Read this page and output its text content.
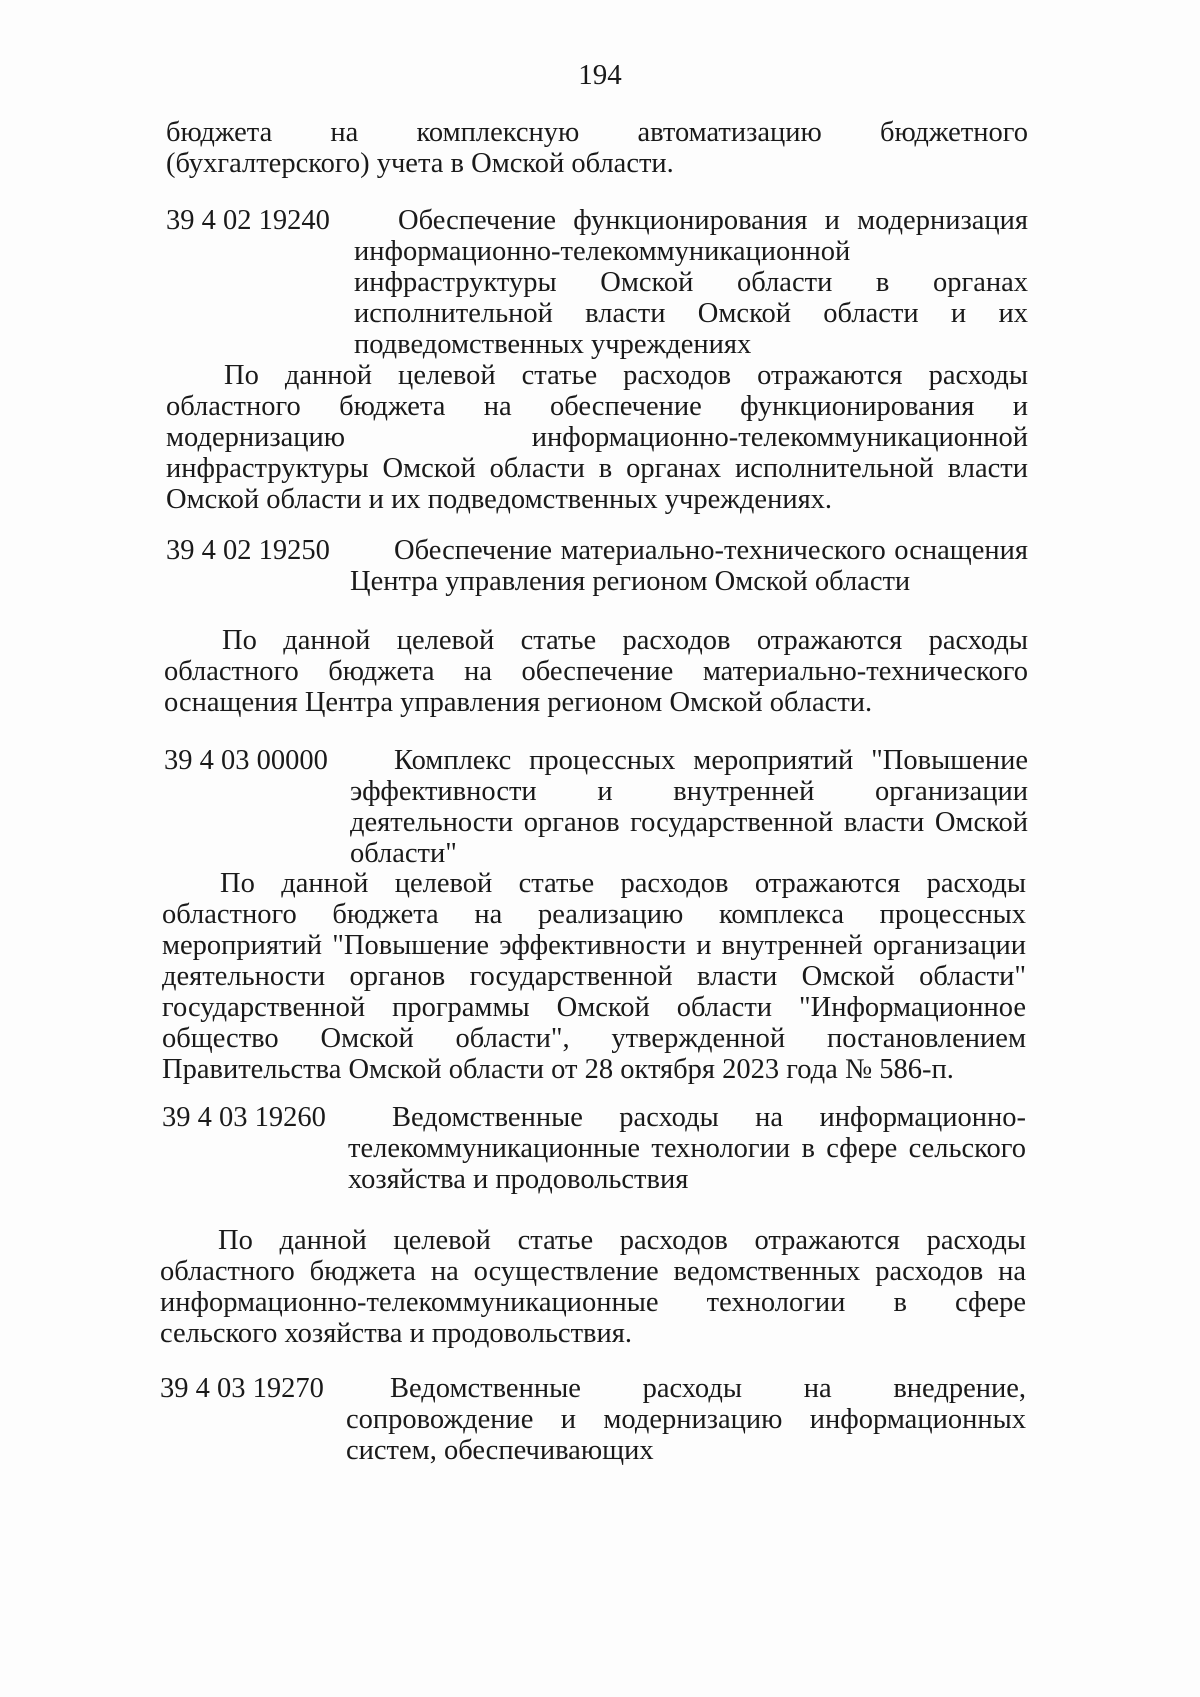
194

бюджета на комплексную автоматизацию бюджетного (бухгалтерского) учета в Омской области.

39 4 02 19240	Обеспечение функционирования и модернизация информационно-телекоммуникационной инфраструктуры Омской области в органах исполнительной власти Омской области и их подведомственных учреждениях

По данной целевой статье расходов отражаются расходы областного бюджета на обеспечение функционирования и модернизацию информационно-телекоммуникационной инфраструктуры Омской области в органах исполнительной власти Омской области и их подведомственных учреждениях.

39 4 02 19250	Обеспечение материально-технического оснащения Центра управления регионом Омской области

По данной целевой статье расходов отражаются расходы областного бюджета на обеспечение материально-технического оснащения Центра управления регионом Омской области.

39 4 03 00000	Комплекс процессных мероприятий "Повышение эффективности и внутренней организации деятельности органов государственной власти Омской области"

По данной целевой статье расходов отражаются расходы областного бюджета на реализацию комплекса процессных мероприятий "Повышение эффективности и внутренней организации деятельности органов государственной власти Омской области" государственной программы Омской области "Информационное общество Омской области", утвержденной постановлением Правительства Омской области от 28 октября 2023 года № 586-п.

39 4 03 19260	Ведомственные расходы на информационно-телекоммуникационные технологии в сфере сельского хозяйства и продовольствия

По данной целевой статье расходов отражаются расходы областного бюджета на осуществление ведомственных расходов на информационно-телекоммуникационные технологии в сфере сельского хозяйства и продовольствия.

39 4 03 19270	Ведомственные расходы на внедрение, сопровождение и модернизацию информационных систем, обеспечивающих
